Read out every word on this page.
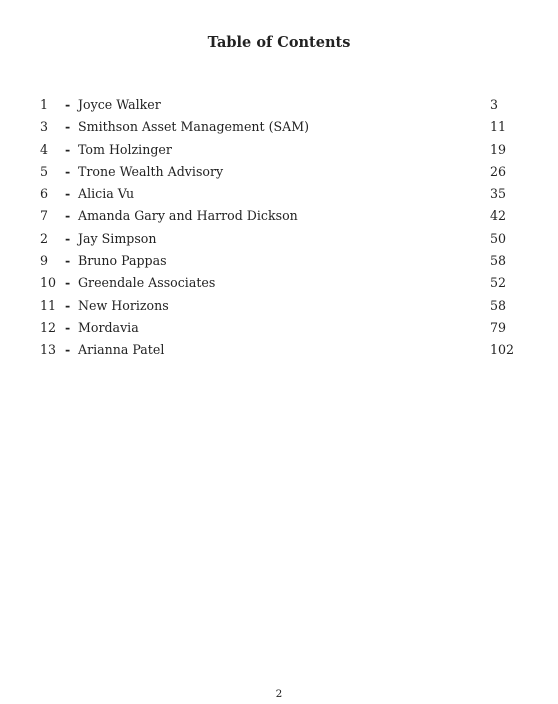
Table of Contents
1 - Joyce Walker	3
3 - Smithson Asset Management (SAM)	11
4 - Tom Holzinger	19
5 - Trone Wealth Advisory	26
6 - Alicia Vu	35
7 - Amanda Gary and Harrod Dickson	42
2 - Jay Simpson	50
9 - Bruno Pappas	58
10 - Greendale Associates	52
11 - New Horizons	58
12 - Mordavia	79
13 - Arianna Patel	102
2
